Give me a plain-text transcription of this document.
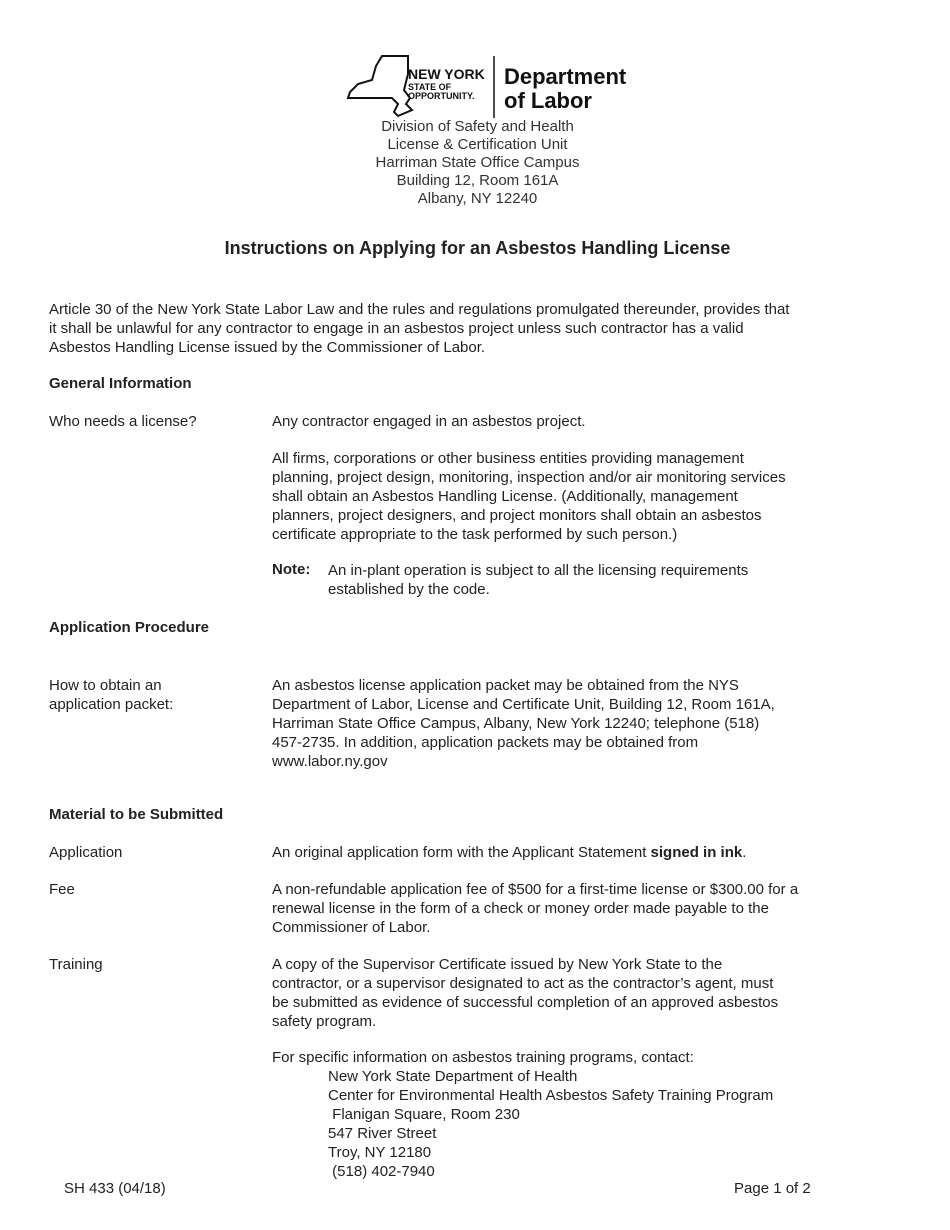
NEW YORK
STATE OF
OPPORTUNITY.
Department
of Labor
Division of Safety and Health
License & Certification Unit
Harriman State Office Campus
Building 12, Room 161A
Albany, NY 12240
Instructions on Applying for an Asbestos Handling License
Article 30 of the New York State Labor Law and the rules and regulations promulgated thereunder, provides that
it shall be unlawful for any contractor to engage in an asbestos project unless such contractor has a valid
Asbestos Handling License issued by the Commissioner of Labor.
General Information
Who needs a license?	Any contractor engaged in an asbestos project.
All firms, corporations or other business entities providing management
planning, project design, monitoring, inspection and/or air monitoring services
shall obtain an Asbestos Handling License. (Additionally, management
planners, project designers, and project monitors shall obtain an asbestos
certificate appropriate to the task performed by such person.)
Note: An in-plant operation is subject to all the licensing requirements
established by the code.
Application Procedure
How to obtain an
application packet:
An asbestos license application packet may be obtained from the NYS
Department of Labor, License and Certificate Unit, Building 12, Room 161A,
Harriman State Office Campus, Albany, New York 12240; telephone (518)
457-2735. In addition, application packets may be obtained from
www.labor.ny.gov
Material to be Submitted
Application	An original application form with the Applicant Statement signed in ink.
Fee	A non-refundable application fee of $500 for a first-time license or $300.00 for a
renewal license in the form of a check or money order made payable to the
Commissioner of Labor.
Training	A copy of the Supervisor Certificate issued by New York State to the
contractor, or a supervisor designated to act as the contractor’s agent, must
be submitted as evidence of successful completion of an approved asbestos
safety program.
For specific information on asbestos training programs, contact:
New York State Department of Health
Center for Environmental Health Asbestos Safety Training Program
Flanigan Square, Room 230
547 River Street
Troy, NY 12180
(518) 402-7940
SH 433 (04/18)	Page 1 of 2
